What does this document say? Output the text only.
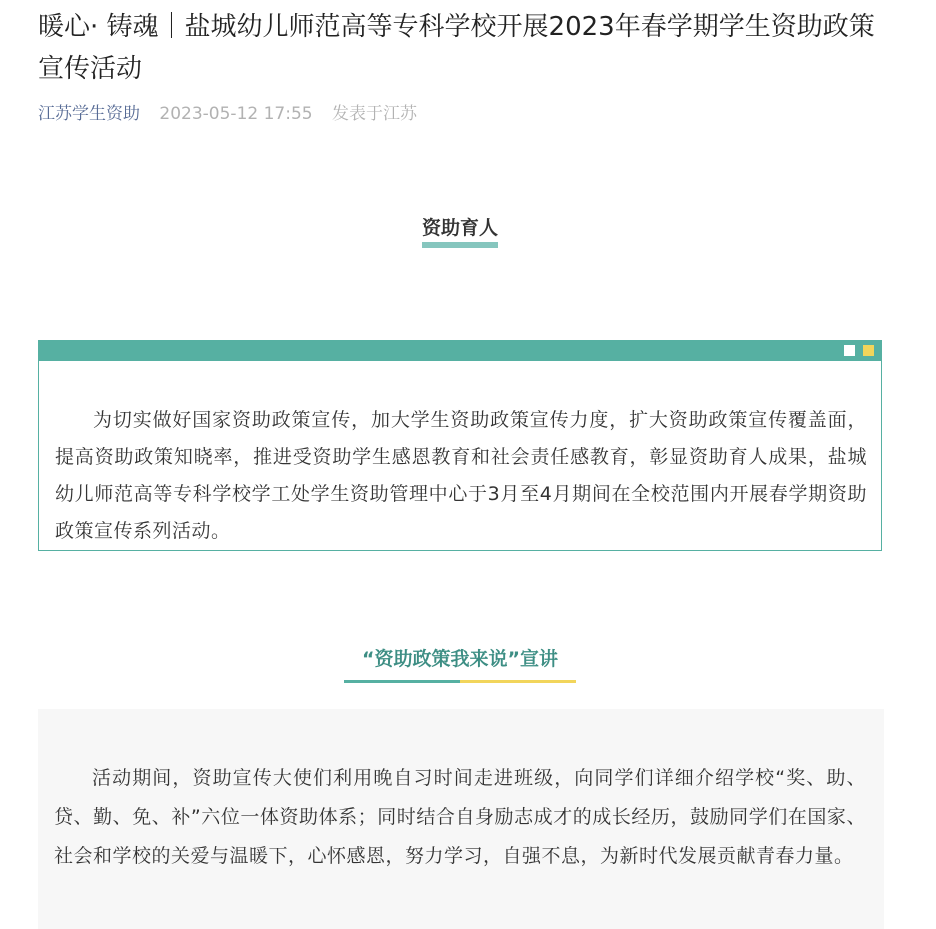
暖心· 铸魂｜盐城幼儿师范高等专科学校开展2023年春学期学生资助政策宣传活动
江苏学生资助 2023-05-12 17:55 发表于江苏
资助育人

为切实做好国家资助政策宣传，加大学生资助政策宣传力度，扩大资助政策宣传覆盖面，提高资助政策知晓率，推进受资助学生感恩教育和社会责任感教育，彰显资助育人成果，盐城幼儿师范高等专科学校学工处学生资助管理中心于3月至4月期间在全校范围内开展春学期资助政策宣传系列活动。

“资助政策我来说”宣讲

活动期间，资助宣传大使们利用晚自习时间走进班级，向同学们详细介绍学校“奖、助、贷、勤、免、补”六位一体资助体系；同时结合自身励志成才的成长经历，鼓励同学们在国家、社会和学校的关爱与温暖下，心怀感恩，努力学习，自强不息，为新时代发展贡献青春力量。
